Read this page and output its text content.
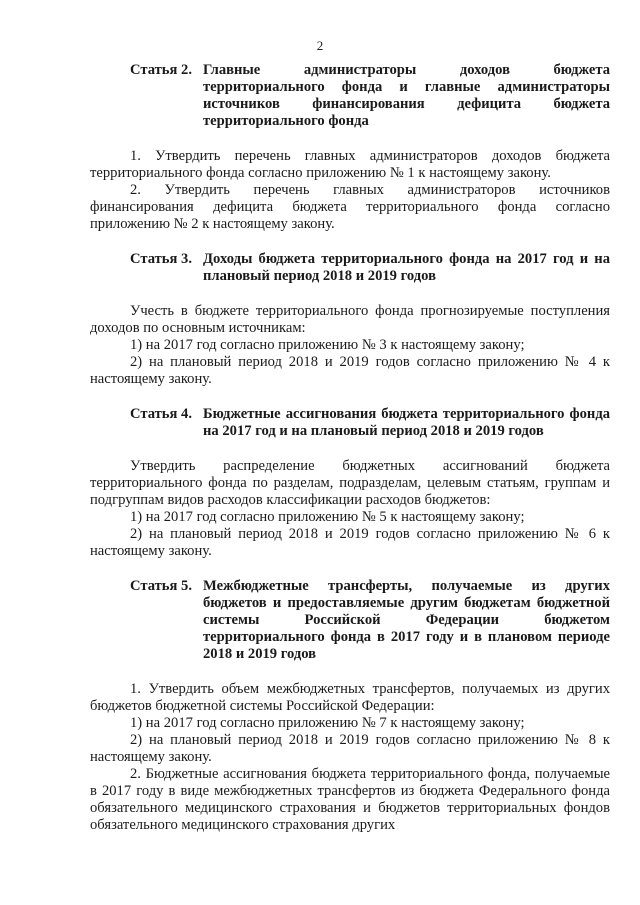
2
Статья 2. Главные администраторы доходов бюджета территориального фонда и главные администраторы источников финансирования дефицита бюджета территориального фонда

1. Утвердить перечень главных администраторов доходов бюджета территориального фонда согласно приложению № 1 к настоящему закону.

2. Утвердить перечень главных администраторов источников финансирования дефицита бюджета территориального фонда согласно приложению № 2 к настоящему закону.

Статья 3. Доходы бюджета территориального фонда на 2017 год и на плановый период 2018 и 2019 годов

Учесть в бюджете территориального фонда прогнозируемые поступления доходов по основным источникам:

1) на 2017 год согласно приложению № 3 к настоящему закону;

2) на плановый период 2018 и 2019 годов согласно приложению № 4 к настоящему закону.

Статья 4. Бюджетные ассигнования бюджета территориального фонда на 2017 год и на плановый период 2018 и 2019 годов

Утвердить распределение бюджетных ассигнований бюджета территориального фонда по разделам, подразделам, целевым статьям, группам и подгруппам видов расходов классификации расходов бюджетов:

1) на 2017 год согласно приложению № 5 к настоящему закону;

2) на плановый период 2018 и 2019 годов согласно приложению № 6 к настоящему закону.

Статья 5. Межбюджетные трансферты, получаемые из других бюджетов и предоставляемые другим бюджетам бюджетной системы Российской Федерации бюджетом территориального фонда в 2017 году и в плановом периоде 2018 и 2019 годов

1. Утвердить объем межбюджетных трансфертов, получаемых из других бюджетов бюджетной системы Российской Федерации:

1) на 2017 год согласно приложению № 7 к настоящему закону;

2) на плановый период 2018 и 2019 годов согласно приложению № 8 к настоящему закону.

2. Бюджетные ассигнования бюджета территориального фонда, получаемые в 2017 году в виде межбюджетных трансфертов из бюджета Федерального фонда обязательного медицинского страхования и бюджетов территориальных фондов обязательного медицинского страхования других
